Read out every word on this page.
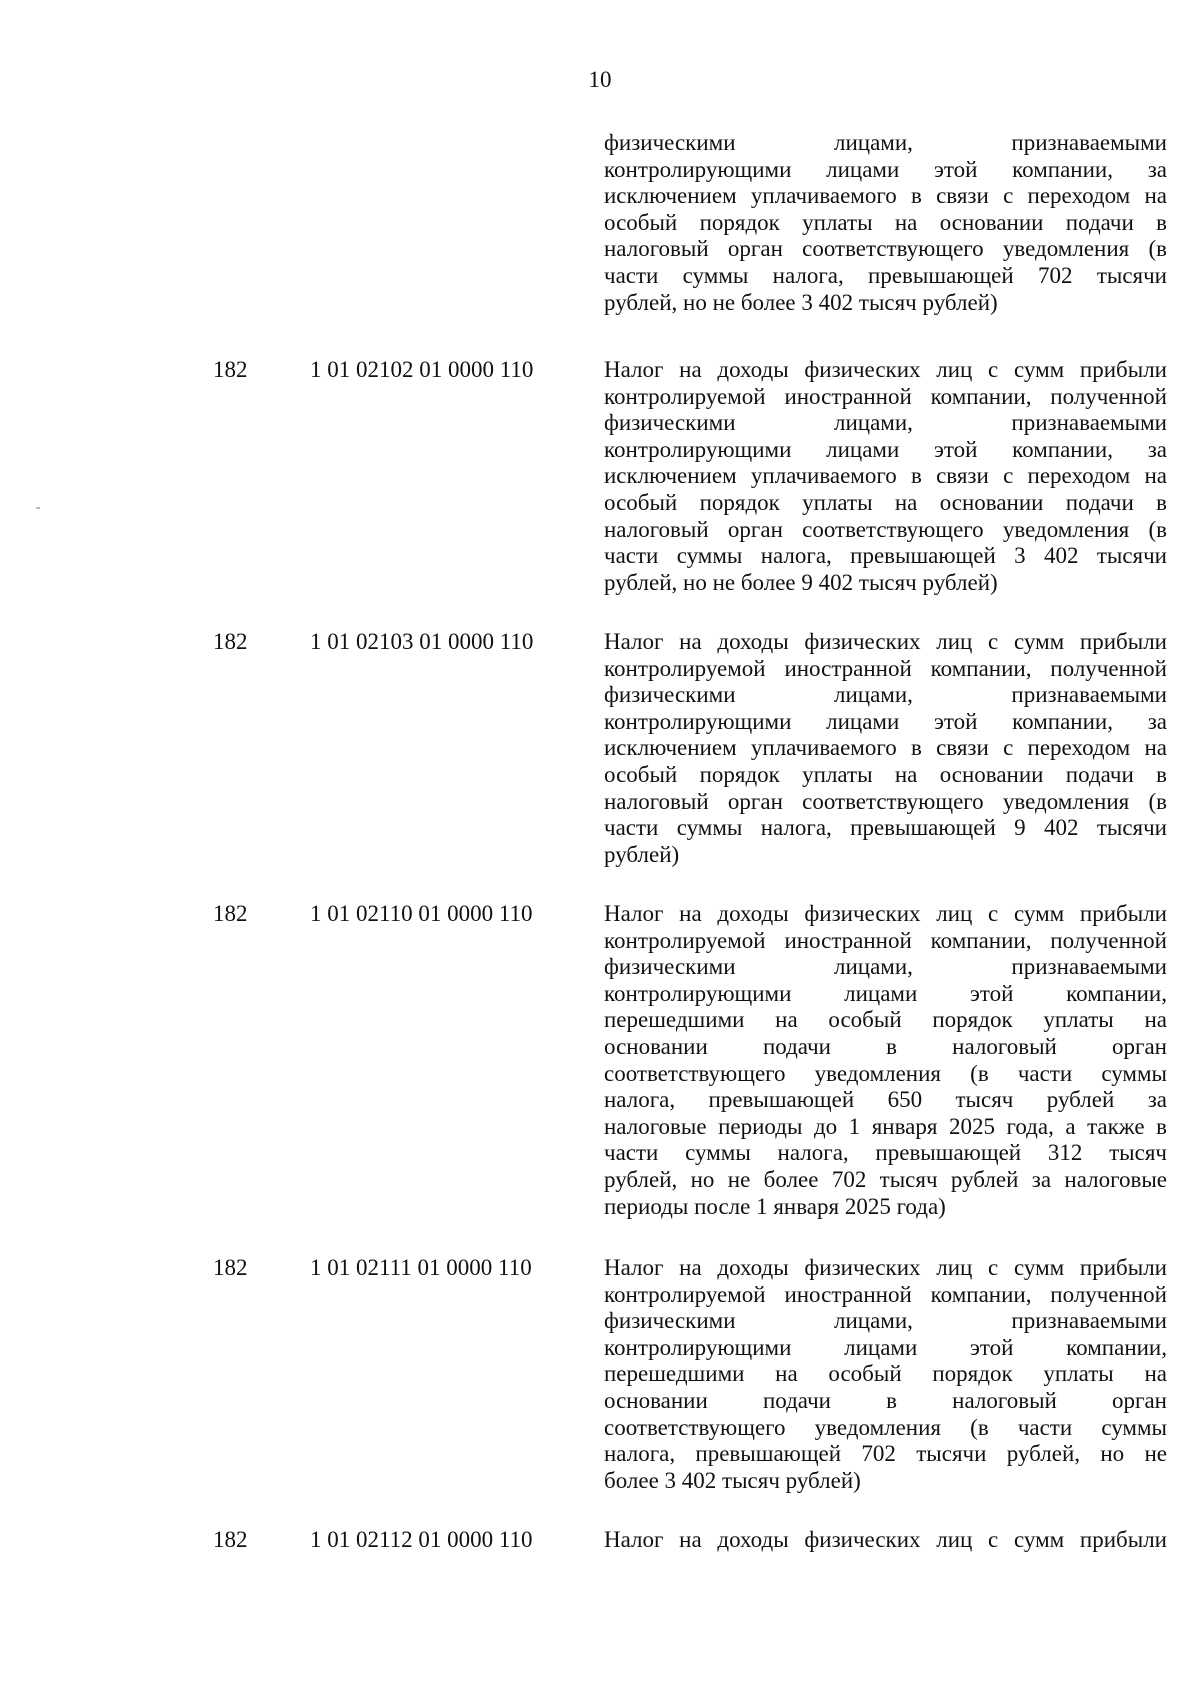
10
физическими лицами, признаваемыми
контролирующими лицами этой компании, за
исключением уплачиваемого в связи с переходом на
особый порядок уплаты на основании подачи в
налоговый орган соответствующего уведомления (в
части суммы налога, превышающей 702 тысячи
рублей, но не более 3 402 тысяч рублей)
182	1 01 02102 01 0000 110	Налог на доходы физических лиц с сумм прибыли
контролируемой иностранной компании, полученной
физическими лицами, признаваемыми
контролирующими лицами этой компании, за
исключением уплачиваемого в связи с переходом на
особый порядок уплаты на основании подачи в
налоговый орган соответствующего уведомления (в
части суммы налога, превышающей 3 402 тысячи
рублей, но не более 9 402 тысяч рублей)
182	1 01 02103 01 0000 110	Налог на доходы физических лиц с сумм прибыли
контролируемой иностранной компании, полученной
физическими лицами, признаваемыми
контролирующими лицами этой компании, за
исключением уплачиваемого в связи с переходом на
особый порядок уплаты на основании подачи в
налоговый орган соответствующего уведомления (в
части суммы налога, превышающей 9 402 тысячи
рублей)
182	1 01 02110 01 0000 110	Налог на доходы физических лиц с сумм прибыли
контролируемой иностранной компании, полученной
физическими лицами, признаваемыми
контролирующими лицами этой компании,
перешедшими на особый порядок уплаты на
основании подачи в налоговый орган
соответствующего уведомления (в части суммы
налога, превышающей 650 тысяч рублей за
налоговые периоды до 1 января 2025 года, а также в
части суммы налога, превышающей 312 тысяч
рублей, но не более 702 тысяч рублей за налоговые
периоды после 1 января 2025 года)
182	1 01 02111 01 0000 110	Налог на доходы физических лиц с сумм прибыли
контролируемой иностранной компании, полученной
физическими лицами, признаваемыми
контролирующими лицами этой компании,
перешедшими на особый порядок уплаты на
основании подачи в налоговый орган
соответствующего уведомления (в части суммы
налога, превышающей 702 тысячи рублей, но не
более 3 402 тысяч рублей)
182	1 01 02112 01 0000 110	Налог на доходы физических лиц с сумм прибыли
